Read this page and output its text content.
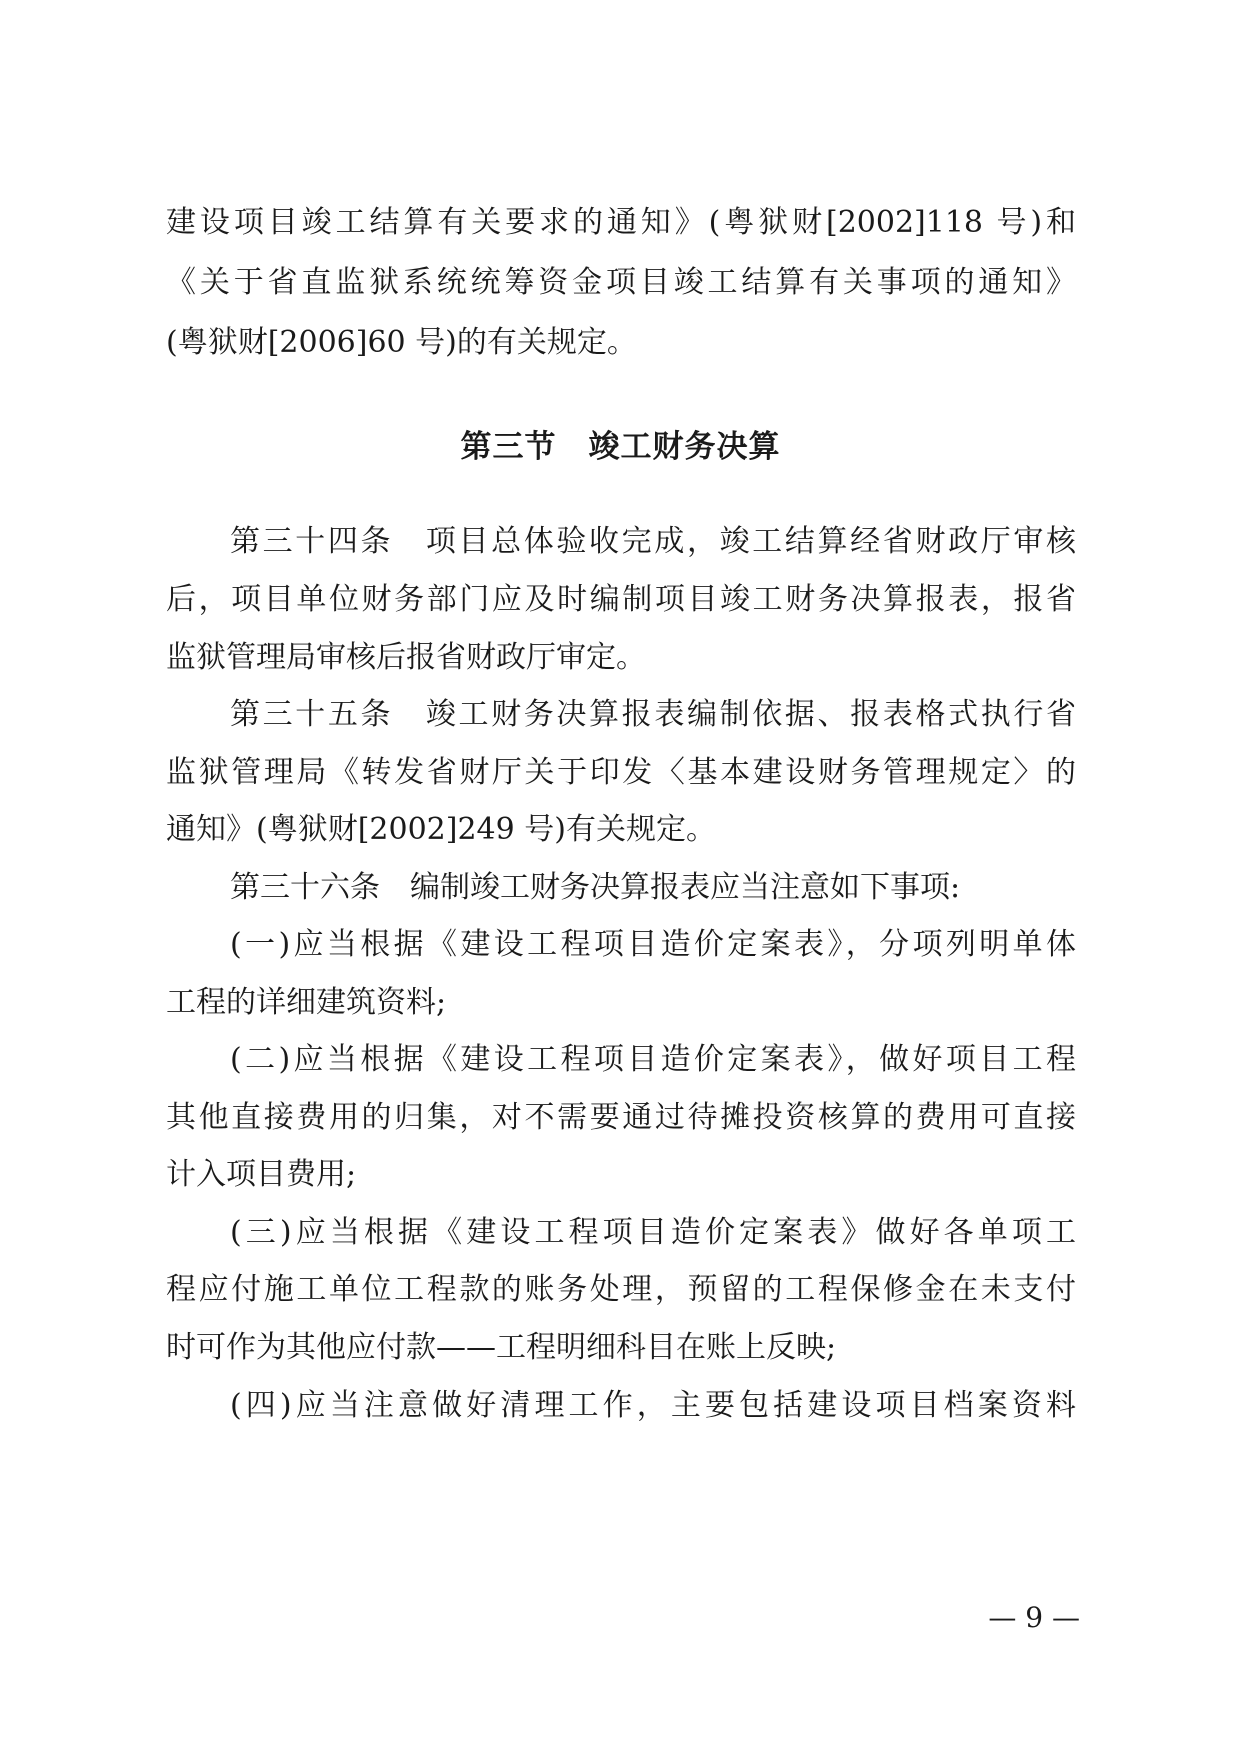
建设项目竣工结算有关要求的通知》(粤狱财[2002]118 号)和
《关于省直监狱系统统筹资金项目竣工结算有关事项的通知》
(粤狱财[2006]60 号)的有关规定。
第三节　竣工财务决算
第三十四条　项目总体验收完成，竣工结算经省财政厅审核
后，项目单位财务部门应及时编制项目竣工财务决算报表，报省
监狱管理局审核后报省财政厅审定。
第三十五条　竣工财务决算报表编制依据、报表格式执行省
监狱管理局《转发省财厅关于印发〈基本建设财务管理规定〉的
通知》(粤狱财[2002]249 号)有关规定。
第三十六条　编制竣工财务决算报表应当注意如下事项:
(一)应当根据《建设工程项目造价定案表》，分项列明单体
工程的详细建筑资料;
(二)应当根据《建设工程项目造价定案表》，做好项目工程
其他直接费用的归集，对不需要通过待摊投资核算的费用可直接
计入项目费用;
(三)应当根据《建设工程项目造价定案表》做好各单项工
程应付施工单位工程款的账务处理，预留的工程保修金在未支付
时可作为其他应付款——工程明细科目在账上反映;
(四)应当注意做好清理工作，主要包括建设项目档案资料
— 9 —
